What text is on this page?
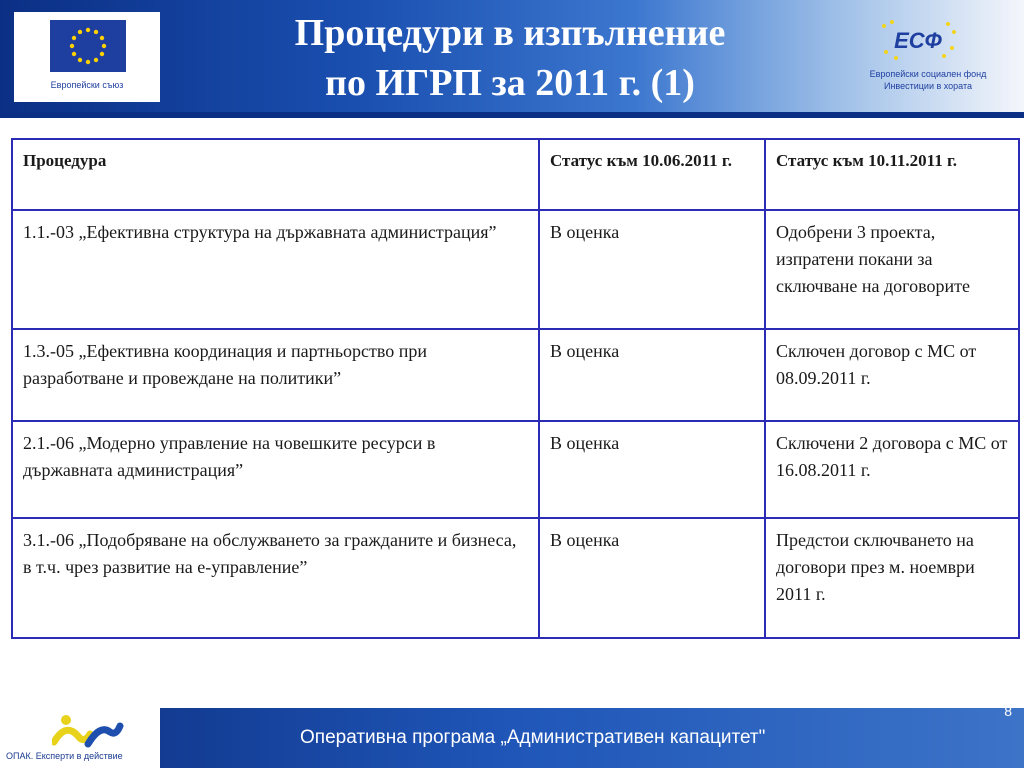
Европейски съюз
Процедури в изпълнение
по ИГРП за 2011 г. (1)
ЕСФ
Европейски социален фонд
Инвестиции в хората
Процедура	Статус към 10.06.2011 г.	Статус към 10.11.2011 г.
1.1.-03 „Ефективна структура на държавната администрация”	В оценка	Одобрени 3 проекта, изпратени покани за сключване на договорите
1.3.-05 „Ефективна координация и партньорство при разработване и провеждане на политики”	В оценка	Сключен договор с МС от 08.09.2011 г.
2.1.-06 „Модерно управление на човешките ресурси в държавната администрация”	В оценка	Сключени 2 договора с МС от 16.08.2011 г.
3.1.-06 „Подобряване на обслужването за гражданите и бизнеса, в т.ч. чрез развитие на е-управление”	В оценка	Предстои сключването на договори през м. ноември 2011 г.
ОПАК. Експерти в действие
Оперативна програма „Административен капацитет"
8
